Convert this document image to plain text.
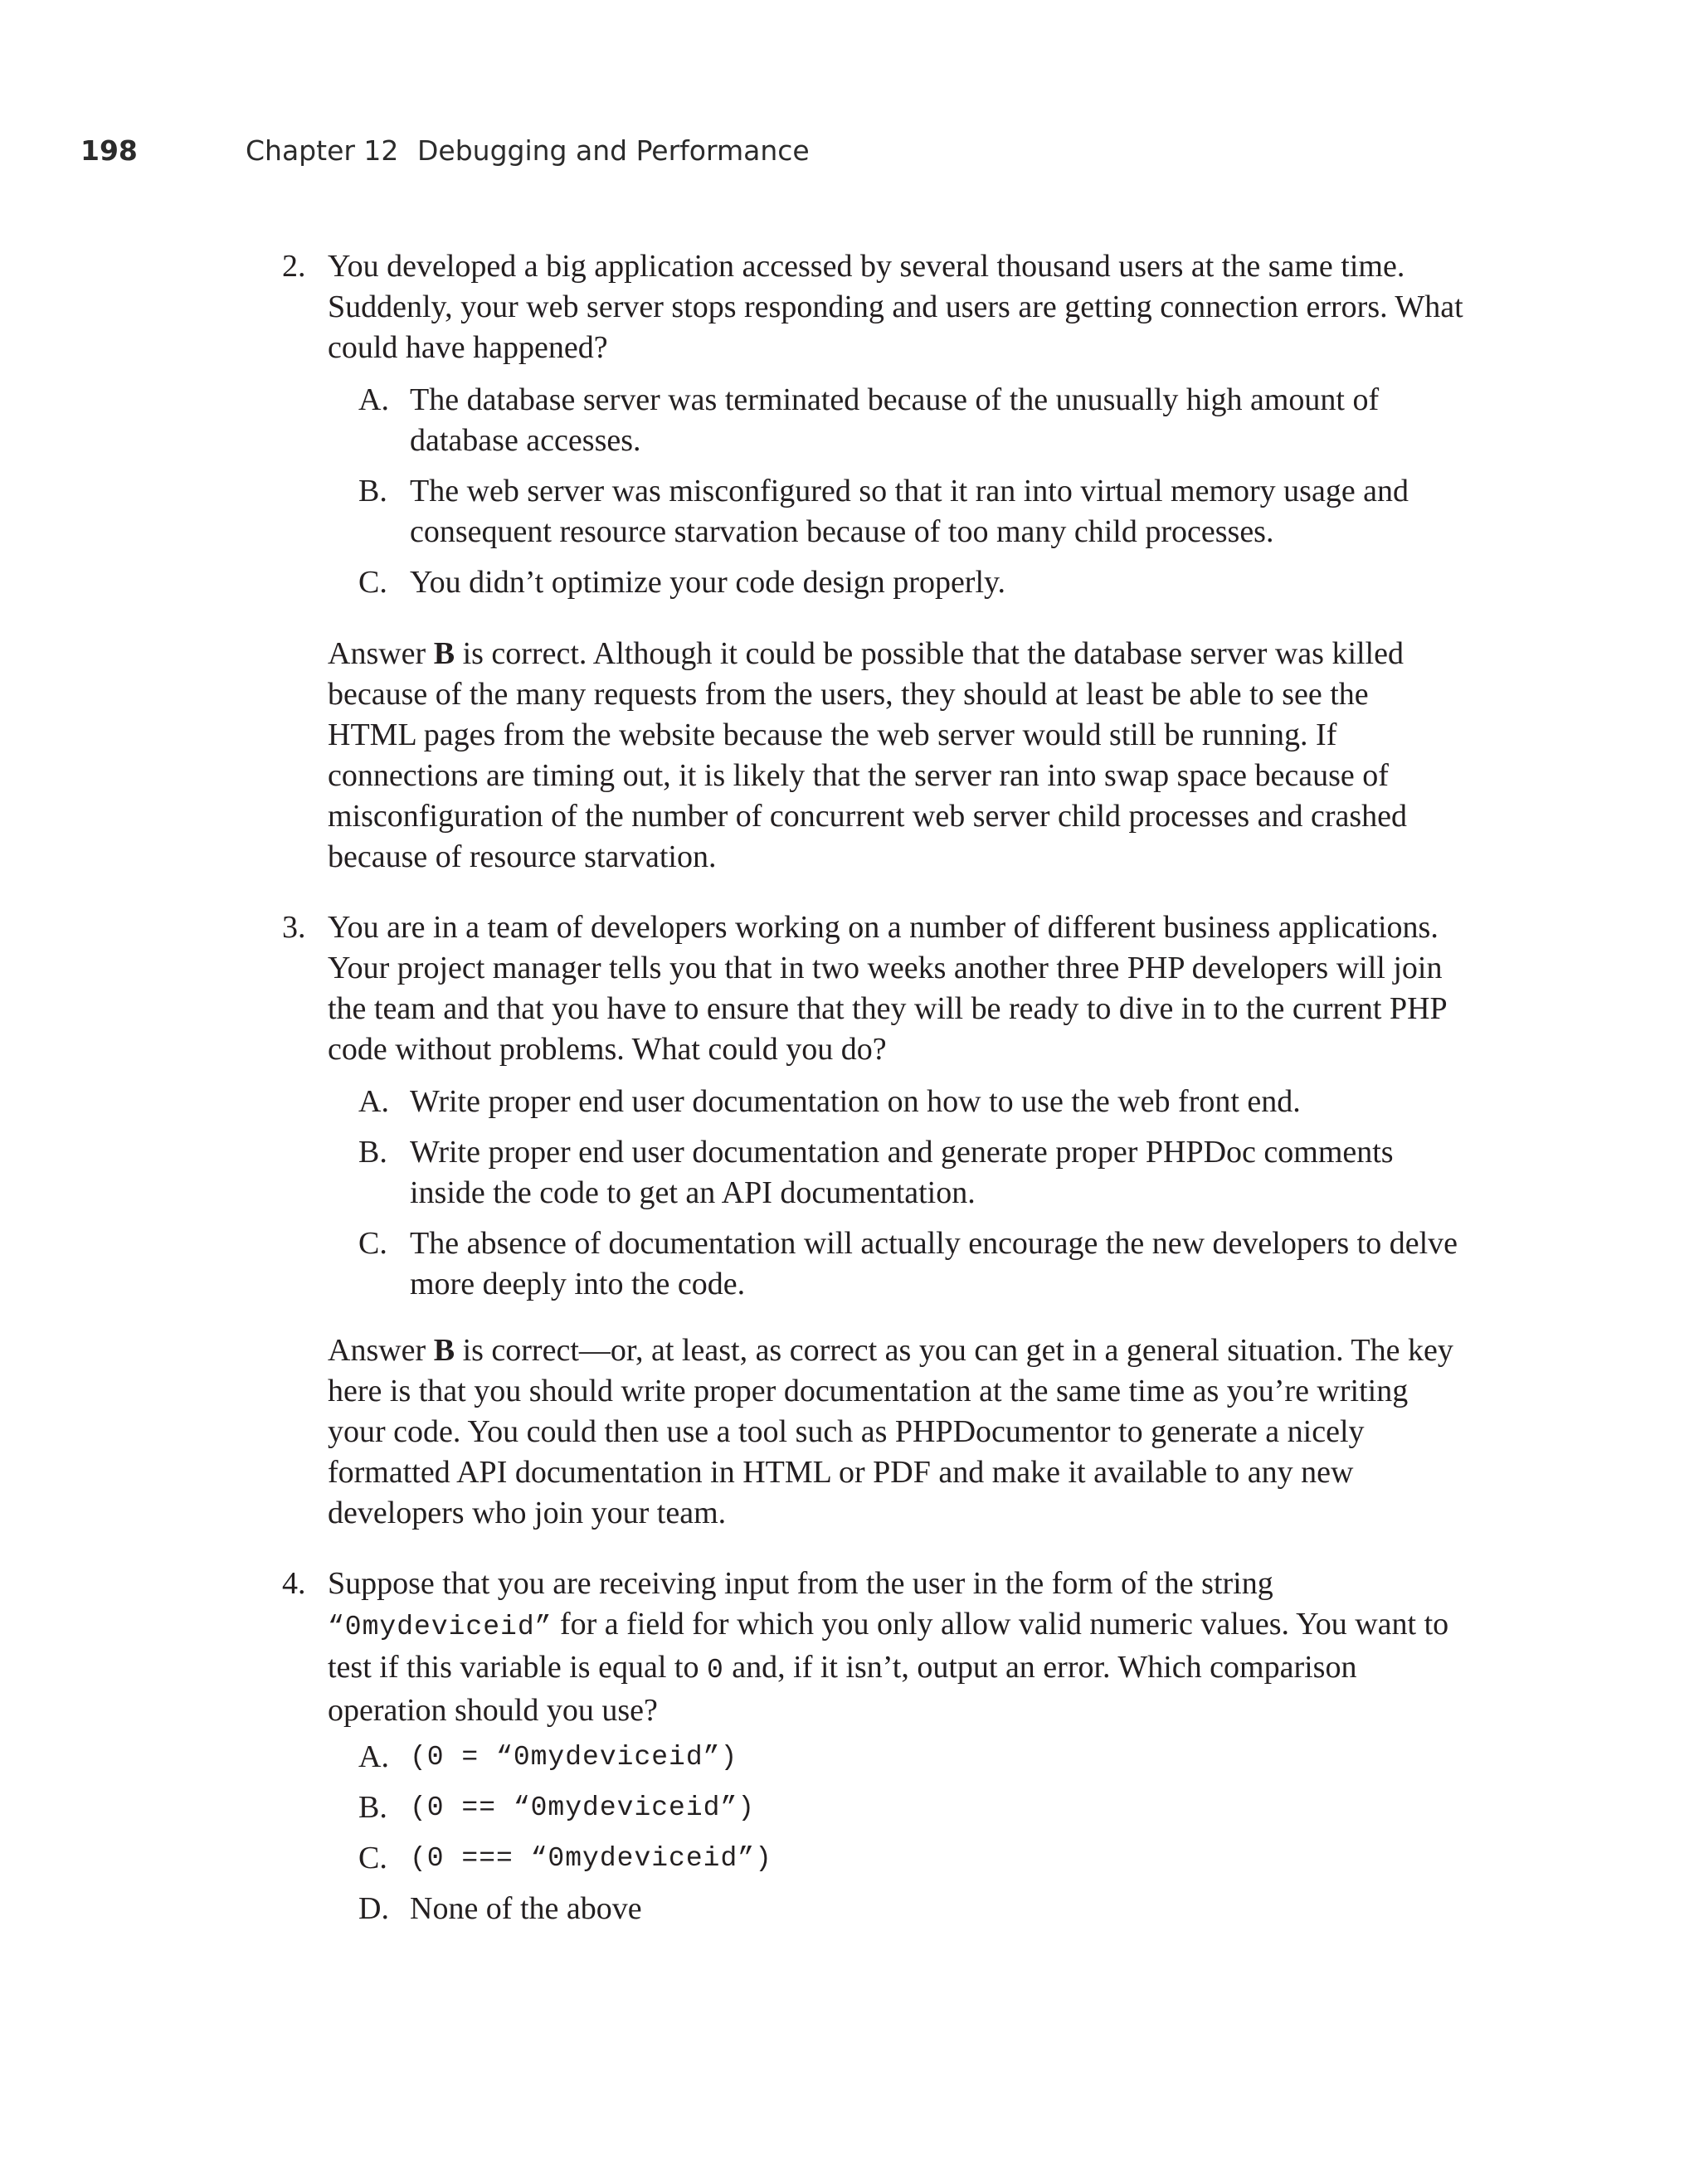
198	Chapter 12 Debugging and Performance
2. You developed a big application accessed by several thousand users at the same time. Suddenly, your web server stops responding and users are getting connection errors. What could have happened?
A. The database server was terminated because of the unusually high amount of database accesses.
B. The web server was misconfigured so that it ran into virtual memory usage and consequent resource starvation because of too many child processes.
C. You didn’t optimize your code design properly.
Answer B is correct. Although it could be possible that the database server was killed because of the many requests from the users, they should at least be able to see the HTML pages from the website because the web server would still be running. If connections are timing out, it is likely that the server ran into swap space because of misconfiguration of the number of concurrent web server child processes and crashed because of resource starvation.
3. You are in a team of developers working on a number of different business applications. Your project manager tells you that in two weeks another three PHP developers will join the team and that you have to ensure that they will be ready to dive in to the current PHP code without problems. What could you do?
A. Write proper end user documentation on how to use the web front end.
B. Write proper end user documentation and generate proper PHPDoc comments inside the code to get an API documentation.
C. The absence of documentation will actually encourage the new developers to delve more deeply into the code.
Answer B is correct—or, at least, as correct as you can get in a general situation. The key here is that you should write proper documentation at the same time as you’re writing your code. You could then use a tool such as PHPDocumentor to generate a nicely formatted API documentation in HTML or PDF and make it available to any new developers who join your team.
4. Suppose that you are receiving input from the user in the form of the string “0mydeviceid” for a field for which you only allow valid numeric values. You want to test if this variable is equal to 0 and, if it isn’t, output an error. Which comparison operation should you use?
A. (0 = “0mydeviceid”)
B. (0 == “0mydeviceid”)
C. (0 === “0mydeviceid”)
D. None of the above
